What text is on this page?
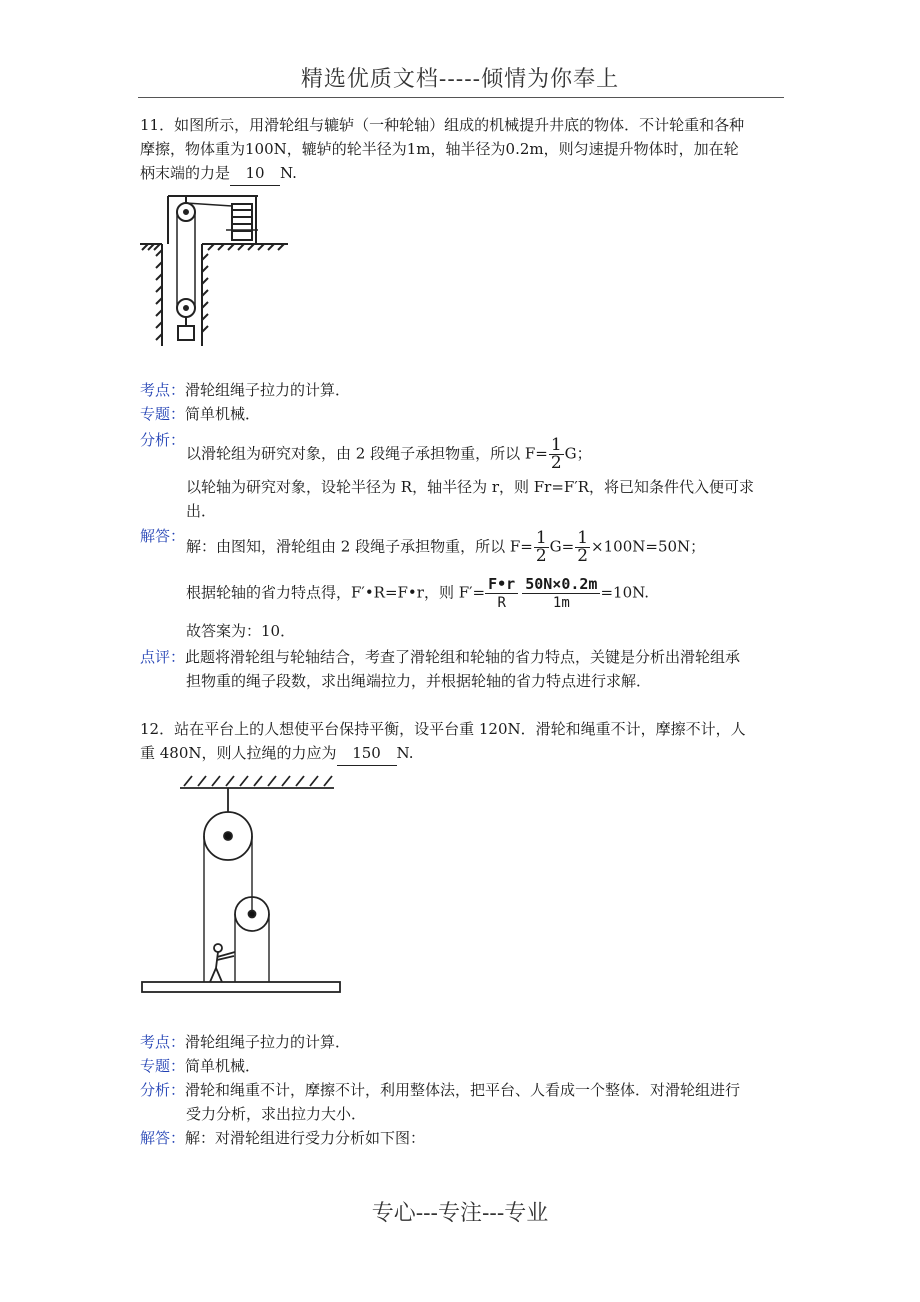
精选优质文档-----倾情为你奉上
11．如图所示，用滑轮组与辘轳（一种轮轴）组成的机械提升井底的物体．不计轮重和各种
摩擦，物体重为100N，辘轳的轮半径为1m，轴半径为0.2m，则匀速提升物体时，加在轮
柄末端的力是 10 N.
考点：滑轮组绳子拉力的计算．
专题：简单机械．
分析：
以滑轮组为研究对象，由 2 段绳子承担物重，所以 $F= \frac{1}{2}$ G；
以轮轴为研究对象，设轮半径为 R，轴半径为 r，则 Fr=F′R，将已知条件代入便可求
出．
解答：
解：由图知，滑轮组由 2 段绳子承担物重，所以 $F= \frac{1}{2} G= \frac{1}{2} \times 100N=50N$；
根据轮轴的省力特点得，F′•R=F•r，则 $F'= \frac{F•r}{R} \frac{50N\times 0.2m}{1m} =10N$.
故答案为：10．
点评：此题将滑轮组与轮轴结合，考查了滑轮组和轮轴的省力特点，关键是分析出滑轮组承
担物重的绳子段数，求出绳端拉力，并根据轮轴的省力特点进行求解．
12．站在平台上的人想使平台保持平衡，设平台重 120N．滑轮和绳重不计，摩擦不计，人
重 480N，则人拉绳的力应为 150 N.
考点：滑轮组绳子拉力的计算．
专题：简单机械．
分析：滑轮和绳重不计，摩擦不计，利用整体法，把平台、人看成一个整体．对滑轮组进行
受力分析，求出拉力大小．
解答：解：对滑轮组进行受力分析如下图：
专心---专注---专业
